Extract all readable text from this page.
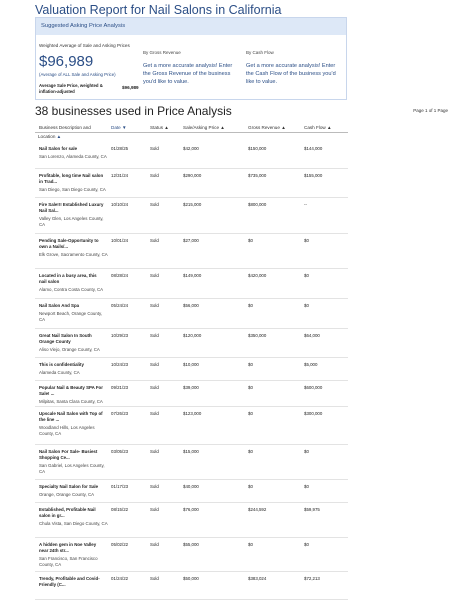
Valuation Report for Nail Salons in California
Suggested Asking Price Analysis
Weighted Average of Sale and Asking Prices
$96,989
(Average of ALL Sale and Asking Price)
Average Sale Price, weighted & inflation-adjusted
$96,989
By Gross Revenue
Get a more accurate analysis! Enter the Gross Revenue of the business you'd like to value.
By Cash Flow
Get a more accurate analysis! Enter the Cash Flow of the business you'd like to value.
38 businesses used in Price Analysis	Page 1 of 1 Page
Business Description and	Date ▼	Status ▲	Sale/Asking Price ▲	Gross Revenue ▲	Cash Flow ▲
Location ▲
Nail Salon for sale
San Lorenzo, Alameda County, CA
01/28/25	Sold	$42,000	$150,000	$144,000
Profitable, long time Nail salon in Trad...
San Diego, San Diego County, CA
12/31/24	Sold	$290,000	$735,000	$155,000
Fire Sale!!! Established Luxury Nail Sal...
Valley Glen, Los Angeles County, CA
10/10/24	Sold	$215,000	$800,000	--
Pending Sale-Opportunity to own a Nails/...
Elk Grove, Sacramento County, CA
10/01/24	Sold	$27,000	$0	$0
Located in a busy area, this nail salon
Alamo, Contra Costa County, CA
08/28/24	Sold	$149,000	$420,000	$0
Nail Salon And Spa
Newport Beach, Orange County, CA
05/24/24	Sold	$56,000	$0	$0
Great Nail Salon In South Orange County
Aliso Viejo, Orange County, CA
10/29/23	Sold	$120,000	$350,000	$64,000
This is confidentiality
Alameda County, CA
10/24/23	Sold	$10,000	$0	$5,000
Popular Nail & Beauty SPA For Sale! ...
Milpitas, Santa Clara County, CA
09/21/23	Sold	$39,000	$0	$600,000
Upscale Nail Salon with Top of the line ...
Woodland Hills, Los Angeles County, CA
07/26/23	Sold	$123,000	$0	$300,000
Nail Salon For Sale- Busiest Shopping Ce...
San Gabriel, Los Angeles County, CA
03/05/23	Sold	$15,000	$0	$0
Specialty Nail Salon for Sale
Orange, Orange County, CA
01/17/23	Sold	$40,000	$0	$0
Established, Profitable Nail salon in gr...
Chula Vista, San Diego County, CA
08/15/22	Sold	$76,000	$244,592	$59,975
A hidden gem in Noe Valley near 24th str...
San Francisco, San Francisco County, CA
05/02/22	Sold	$55,000	$0	$0
Trendy, Profitable and Covid-Friendly (C...
01/24/22	Sold	$50,000	$383,024	$72,213
